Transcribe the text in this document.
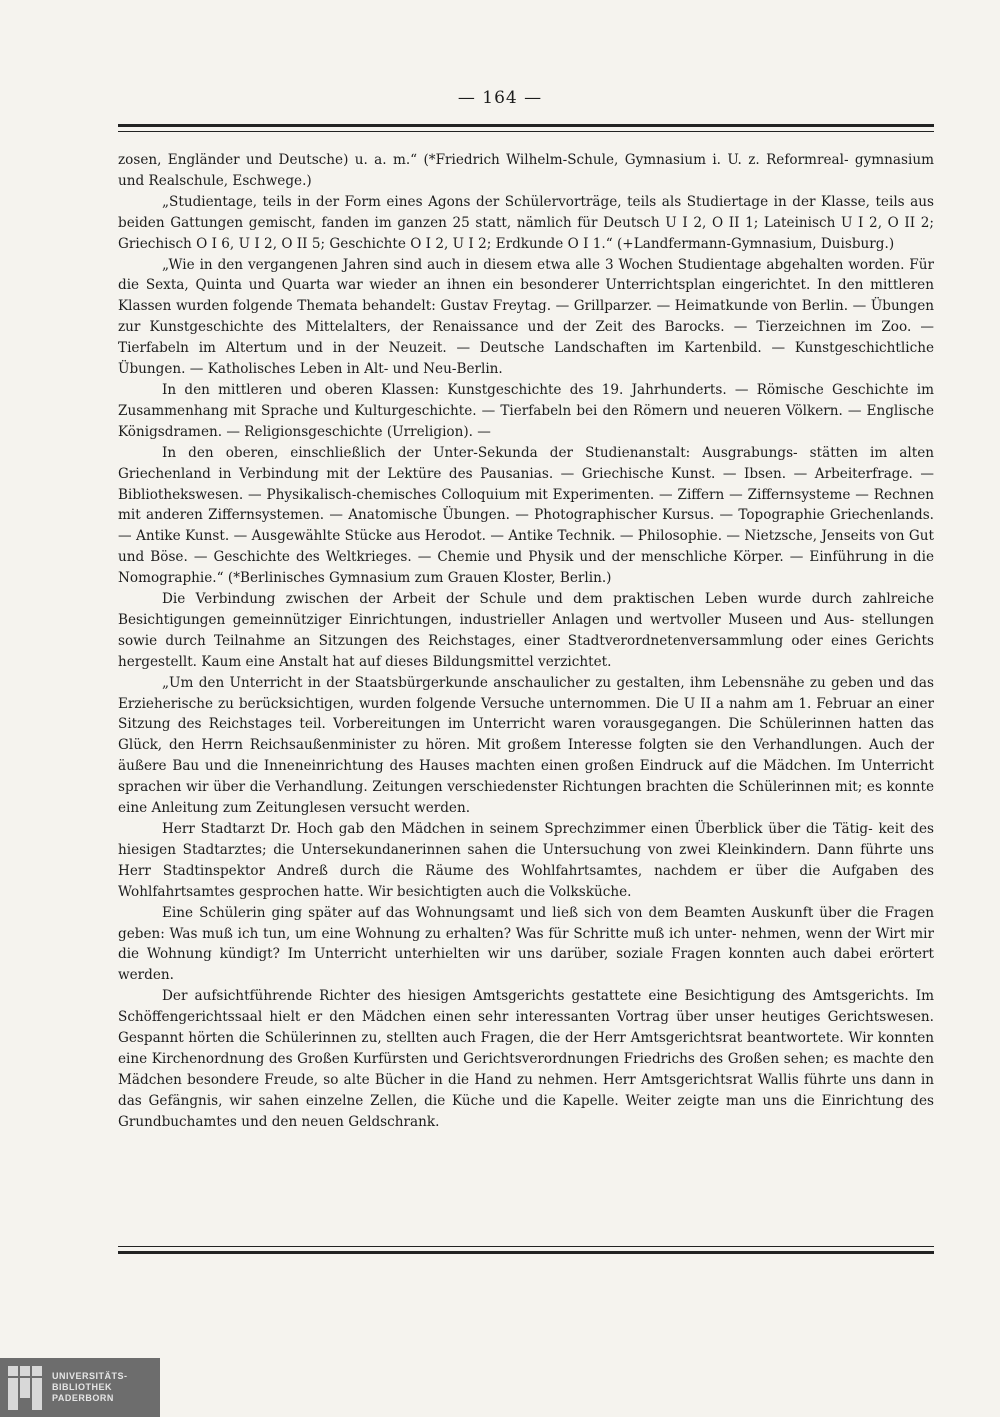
— 164 —

zosen, Engländer und Deutsche) u. a. m.“ (*Friedrich Wilhelm-Schule, Gymnasium i. U. z. Reformreal- gymnasium und Realschule, Eschwege.)

„Studientage, teils in der Form eines Agons der Schülervorträge, teils als Studiertage in der Klasse, teils aus beiden Gattungen gemischt, fanden im ganzen 25 statt, nämlich für Deutsch U I 2, O II 1; Lateinisch U I 2, O II 2; Griechisch O I 6, U I 2, O II 5; Geschichte O I 2, U I 2; Erdkunde O I 1.“ (+Landfermann-Gymnasium, Duisburg.)

„Wie in den vergangenen Jahren sind auch in diesem etwa alle 3 Wochen Studientage abgehalten worden. Für die Sexta, Quinta und Quarta war wieder an ihnen ein besonderer Unterrichtsplan eingerichtet. In den mittleren Klassen wurden folgende Themata behandelt: Gustav Freytag. — Grillparzer. — Heimatkunde von Berlin. — Übungen zur Kunstgeschichte des Mittelalters, der Renaissance und der Zeit des Barocks. — Tierzeichnen im Zoo. — Tierfabeln im Altertum und in der Neuzeit. — Deutsche Landschaften im Kartenbild. — Kunstgeschichtliche Übungen. — Katholisches Leben in Alt- und Neu-Berlin.

In den mittleren und oberen Klassen: Kunstgeschichte des 19. Jahrhunderts. — Römische Geschichte im Zusammenhang mit Sprache und Kulturgeschichte. — Tierfabeln bei den Römern und neueren Völkern. — Englische Königsdramen. — Religionsgeschichte (Urreligion). —

In den oberen, einschließlich der Unter-Sekunda der Studienanstalt: Ausgrabungs- stätten im alten Griechenland in Verbindung mit der Lektüre des Pausanias. — Griechische Kunst. — Ibsen. — Arbeiterfrage. — Bibliothekswesen. — Physikalisch-chemisches Colloquium mit Experimenten. — Ziffern — Ziffernsysteme — Rechnen mit anderen Ziffernsystemen. — Anatomische Übungen. — Photographischer Kursus. — Topographie Griechenlands. — Antike Kunst. — Ausgewählte Stücke aus Herodot. — Antike Technik. — Philosophie. — Nietzsche, Jenseits von Gut und Böse. — Geschichte des Weltkrieges. — Chemie und Physik und der menschliche Körper. — Einführung in die Nomographie.“ (*Berlinisches Gymnasium zum Grauen Kloster, Berlin.)

Die Verbindung zwischen der Arbeit der Schule und dem praktischen Leben wurde durch zahlreiche Besichtigungen gemeinnütziger Einrichtungen, industrieller Anlagen und wertvoller Museen und Aus- stellungen sowie durch Teilnahme an Sitzungen des Reichstages, einer Stadtverordnetenversammlung oder eines Gerichts hergestellt. Kaum eine Anstalt hat auf dieses Bildungsmittel verzichtet.

„Um den Unterricht in der Staatsbürgerkunde anschaulicher zu gestalten, ihm Lebensnähe zu geben und das Erzieherische zu berücksichtigen, wurden folgende Versuche unternommen. Die U II a nahm am 1. Februar an einer Sitzung des Reichstages teil. Vorbereitungen im Unterricht waren vorausgegangen. Die Schülerinnen hatten das Glück, den Herrn Reichsaußenminister zu hören. Mit großem Interesse folgten sie den Verhandlungen. Auch der äußere Bau und die Inneneinrichtung des Hauses machten einen großen Eindruck auf die Mädchen. Im Unterricht sprachen wir über die Verhandlung. Zeitungen verschiedenster Richtungen brachten die Schülerinnen mit; es konnte eine Anleitung zum Zeitunglesen versucht werden.

Herr Stadtarzt Dr. Hoch gab den Mädchen in seinem Sprechzimmer einen Überblick über die Tätig- keit des hiesigen Stadtarztes; die Untersekundanerinnen sahen die Untersuchung von zwei Kleinkindern. Dann führte uns Herr Stadtinspektor Andreß durch die Räume des Wohlfahrtsamtes, nachdem er über die Aufgaben des Wohlfahrtsamtes gesprochen hatte. Wir besichtigten auch die Volksküche.

Eine Schülerin ging später auf das Wohnungsamt und ließ sich von dem Beamten Auskunft über die Fragen geben: Was muß ich tun, um eine Wohnung zu erhalten? Was für Schritte muß ich unter- nehmen, wenn der Wirt mir die Wohnung kündigt? Im Unterricht unterhielten wir uns darüber, soziale Fragen konnten auch dabei erörtert werden.

Der aufsichtführende Richter des hiesigen Amtsgerichts gestattete eine Besichtigung des Amtsgerichts. Im Schöffengerichtssaal hielt er den Mädchen einen sehr interessanten Vortrag über unser heutiges Gerichtswesen. Gespannt hörten die Schülerinnen zu, stellten auch Fragen, die der Herr Amtsgerichtsrat beantwortete. Wir konnten eine Kirchenordnung des Großen Kurfürsten und Gerichtsverordnungen Friedrichs des Großen sehen; es machte den Mädchen besondere Freude, so alte Bücher in die Hand zu nehmen. Herr Amtsgerichtsrat Wallis führte uns dann in das Gefängnis, wir sahen einzelne Zellen, die Küche und die Kapelle. Weiter zeigte man uns die Einrichtung des Grundbuchamtes und den neuen Geldschrank.

UNIVERSITÄTS-
BIBLIOTHEK
PADERBORN
